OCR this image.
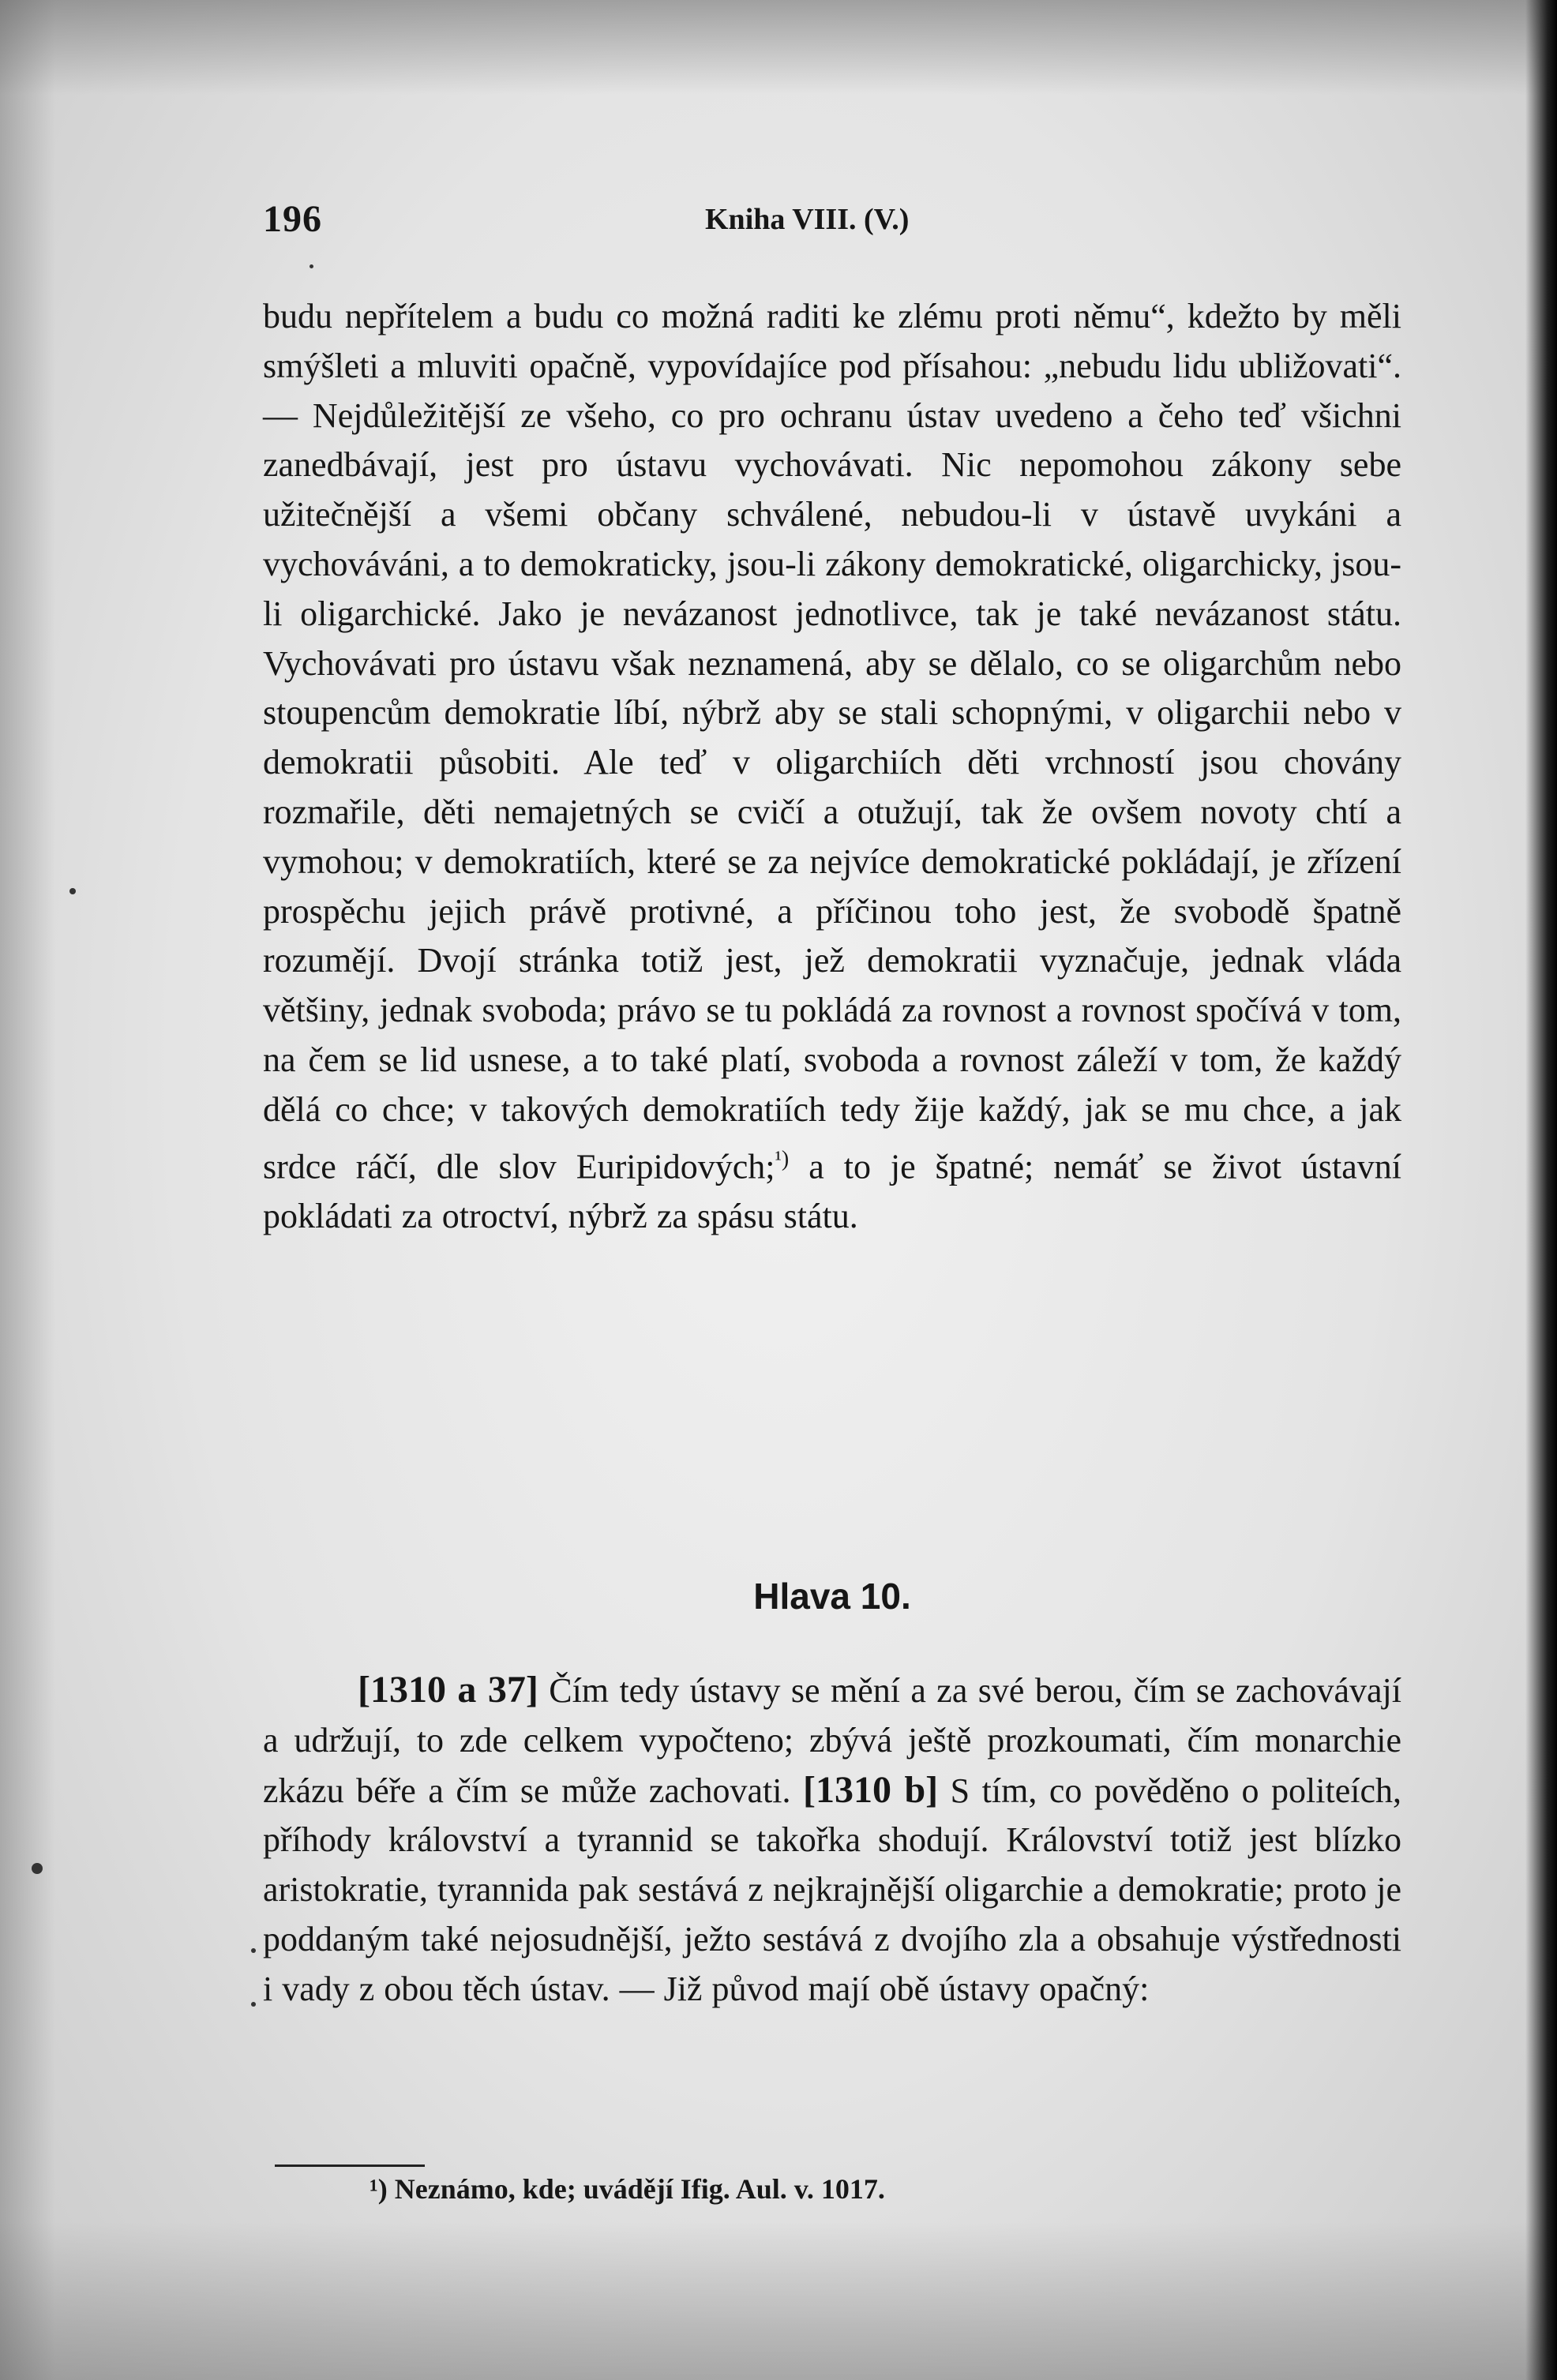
196	Kniha VIII. (V.)

budu nepřítelem a budu co možná raditi ke zlému proti němu“, kdežto by měli smýšleti a mluviti opačně, vypovídajíce pod přísahou: „nebudu lidu ubližovati“. — Nejdůležitější ze všeho, co pro ochranu ústav uvedeno a čeho teď všichni zanedbávají, jest pro ústavu vychovávati. Nic nepomohou zákony sebe užitečnější a všemi občany schválené, nebudou-li v ústavě uvykáni a vychováváni, a to demokraticky, jsou-li zákony demokratické, oligarchicky, jsou-li oligarchické. Jako je nevázanost jednotlivce, tak je také nevázanost státu. Vychovávati pro ústavu však neznamená, aby se dělalo, co se oligarchům nebo stoupencům demokratie líbí, nýbrž aby se stali schopnými, v oligarchii nebo v demokratii působiti. Ale teď v oligarchiích děti vrchností jsou chovány rozmařile, děti nemajetných se cvičí a otužují, tak že ovšem novoty chtí a vymohou; v demokratiích, které se za nejvíce demokratické pokládají, je zřízení prospěchu jejich právě protivné, a příčinou toho jest, že svobodě špatně rozumějí. Dvojí stránka totiž jest, jež demokratii vyznačuje, jednak vláda většiny, jednak svoboda; právo se tu pokládá za rovnost a rovnost spočívá v tom, na čem se lid usnese, a to také platí, svoboda a rovnost záleží v tom, že každý dělá co chce; v takových demokratiích tedy žije každý, jak se mu chce, a jak srdce ráčí, dle slov Euripidových;$^{^1)}$ a to je špatné; nemáť se život ústavní pokládati za otroctví, nýbrž za spásu státu.

Hlava 10.

[1310 a 37] Čím tedy ústavy se mění a za své berou, čím se zachovávají a udržují, to zde celkem vypočteno; zbývá ještě prozkoumati, čím monarchie zkázu béře a čím se může zachovati. [1310 b] S tím, co pověděno o politeích, příhody království a tyrannid se takořka shodují. Království totiž jest blízko aristokratie, tyrannida pak sestává z nejkrajnější oligarchie a demokratie; proto je poddaným také nejosudnější, ježto sestává z dvojího zla a obsahuje výstřednosti i vady z obou těch ústav. — Již původ mají obě ústavy opačný:

¹) Neznámo, kde; uvádějí Ifig. Aul. v. 1017.
